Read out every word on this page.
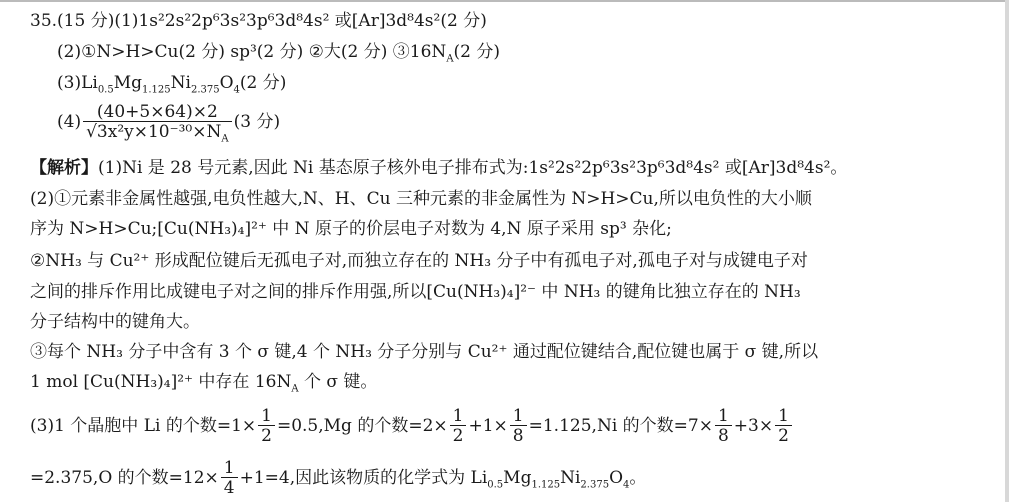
35.(15 分)(1)1s²2s²2p⁶3s²3p⁶3d⁸4s² 或[Ar]3d⁸4s²(2 分)
(2)①N>H>Cu(2 分) sp³(2 分) ②大(2 分) $③16N_A(2$ 分)
$(3)Li_{0.5}Mg_{1.125}Ni_{2.375}O_4(2$ 分)
$(4) \frac{(40+5\times 64)\times 2}{√3x^2y\times 10^{-30}\times N_A} (3$ 分)
【解析】(1)Ni 是 28 号元素,因此 Ni 基态原子核外电子排布式为:1s²2s²2p⁶3s²3p⁶3d⁸4s² 或[Ar]3d⁸4s²。
(2)①元素非金属性越强,电负性越大,N、H、Cu 三种元素的非金属性为 N>H>Cu,所以电负性的大小顺
序为 N>H>Cu;[Cu(NH₃)₄]²⁺ 中 N 原子的价层电子对数为 4,N 原子采用 sp³ 杂化;
②NH₃ 与 Cu²⁺ 形成配位键后无孤电子对,而独立存在的 NH₃ 分子中有孤电子对,孤电子对与成键电子对
之间的排斥作用比成键电子对之间的排斥作用强,所以[Cu(NH₃)₄]²⁻ 中 NH₃ 的键角比独立存在的 NH₃
分子结构中的键角大。
③每个 NH₃ 分子中含有 3 个 σ 键,4 个 NH₃ 分子分别与 Cu²⁺ 通过配位键结合,配位键也属于 σ 键,所以
1 mol [Cu(NH₃)₄]²⁺ 中存在 $16N_A$ 个 σ 键。
(3)1 个晶胞中 Li 的个数$=1\times \frac{1}{2} =0.5,Mg$ 的个数$=2\times \frac{1}{2} +1\times \frac{1}{8} =1.125,Ni$ 的个数$=7\times \frac{1}{8} +3\times \frac{1}{2}$
=2.375,O 的个数$=12\times \frac{1}{4} +1=4$,因此该物质的化学式为 $Li_{0.5}Mg_{1.125}Ni_{2.375}O_4$。
